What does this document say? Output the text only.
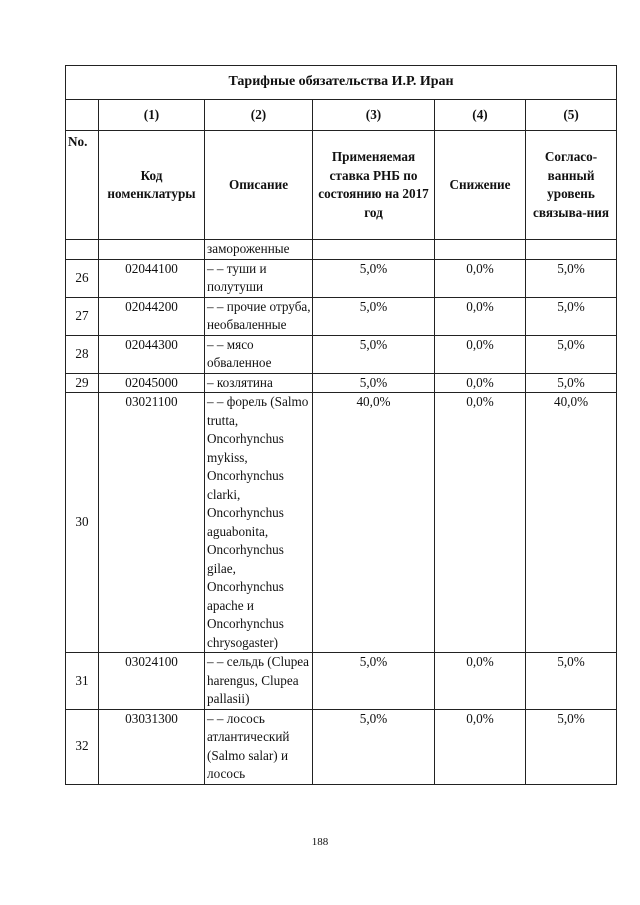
Тарифные обязательства И.Р. Иран					
	(1)	(2)	(3)	(4)	(5)
No.	Код номенклатуры	Описание	Применяемая ставка РНБ по состоянию на 2017 год	Снижение	Согласо-ванный уровень связыва-ния
		замороженные			
26	02044100	– – туши и полутуши	5,0%	0,0%	5,0%
27	02044200	– – прочие отруба, необваленные	5,0%	0,0%	5,0%
28	02044300	– – мясо обваленное	5,0%	0,0%	5,0%
29	02045000	– козлятина	5,0%	0,0%	5,0%
30	03021100	– – форель (Salmo trutta, Oncorhynchus mykiss, Oncorhynchus clarki, Oncorhynchus aguabonita, Oncorhynchus gilae, Oncorhynchus apache и Oncorhynchus chrysogaster)	40,0%	0,0%	40,0%
31	03024100	– – сельдь (Clupea harengus, Clupea pallasii)	5,0%	0,0%	5,0%
32	03031300	– – лосось атлантический (Salmo salar) и лосось	5,0%	0,0%	5,0%
188
